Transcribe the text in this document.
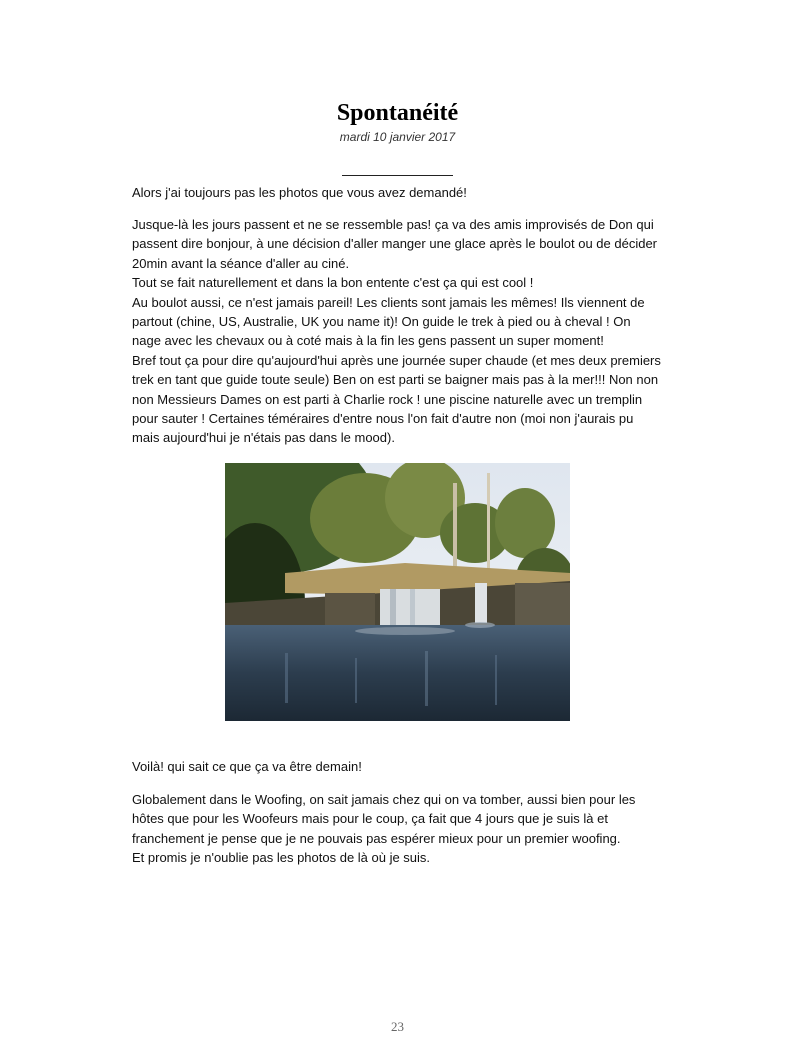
Spontanéité
mardi 10 janvier 2017

Alors j'ai toujours pas les photos que vous avez demandé!

Jusque-là les jours passent et ne se ressemble pas! ça va des amis improvisés de Don qui passent dire bonjour, à une décision d'aller manger une glace après le boulot ou de décider 20min avant la séance d'aller au ciné.

Tout se fait naturellement et dans la bon entente c'est ça qui est cool !

Au boulot aussi, ce n'est jamais pareil! Les clients sont jamais les mêmes! Ils viennent de partout (chine, US, Australie, UK you name it)! On guide le trek à pied ou à cheval ! On nage avec les chevaux ou à coté mais à la fin les gens passent un super moment!

Bref tout ça pour dire qu'aujourd'hui après une journée super chaude (et mes deux premiers trek en tant que guide toute seule) Ben on est parti se baigner mais pas à la mer!!! Non non non Messieurs Dames on est parti à Charlie rock ! une piscine naturelle avec un tremplin pour sauter ! Certaines téméraires d'entre nous l'on fait d'autre non (moi non j'aurais pu mais aujourd'hui je n'étais pas dans le mood).

Voilà! qui sait ce que ça va être demain!

Globalement dans le Woofing, on sait jamais chez qui on va tomber, aussi bien pour les hôtes que pour les Woofeurs mais pour le coup, ça fait que 4 jours que je suis là et franchement je pense que je ne pouvais pas espérer mieux pour un premier woofing.

Et promis je n'oublie pas les photos de là où je suis.

23
